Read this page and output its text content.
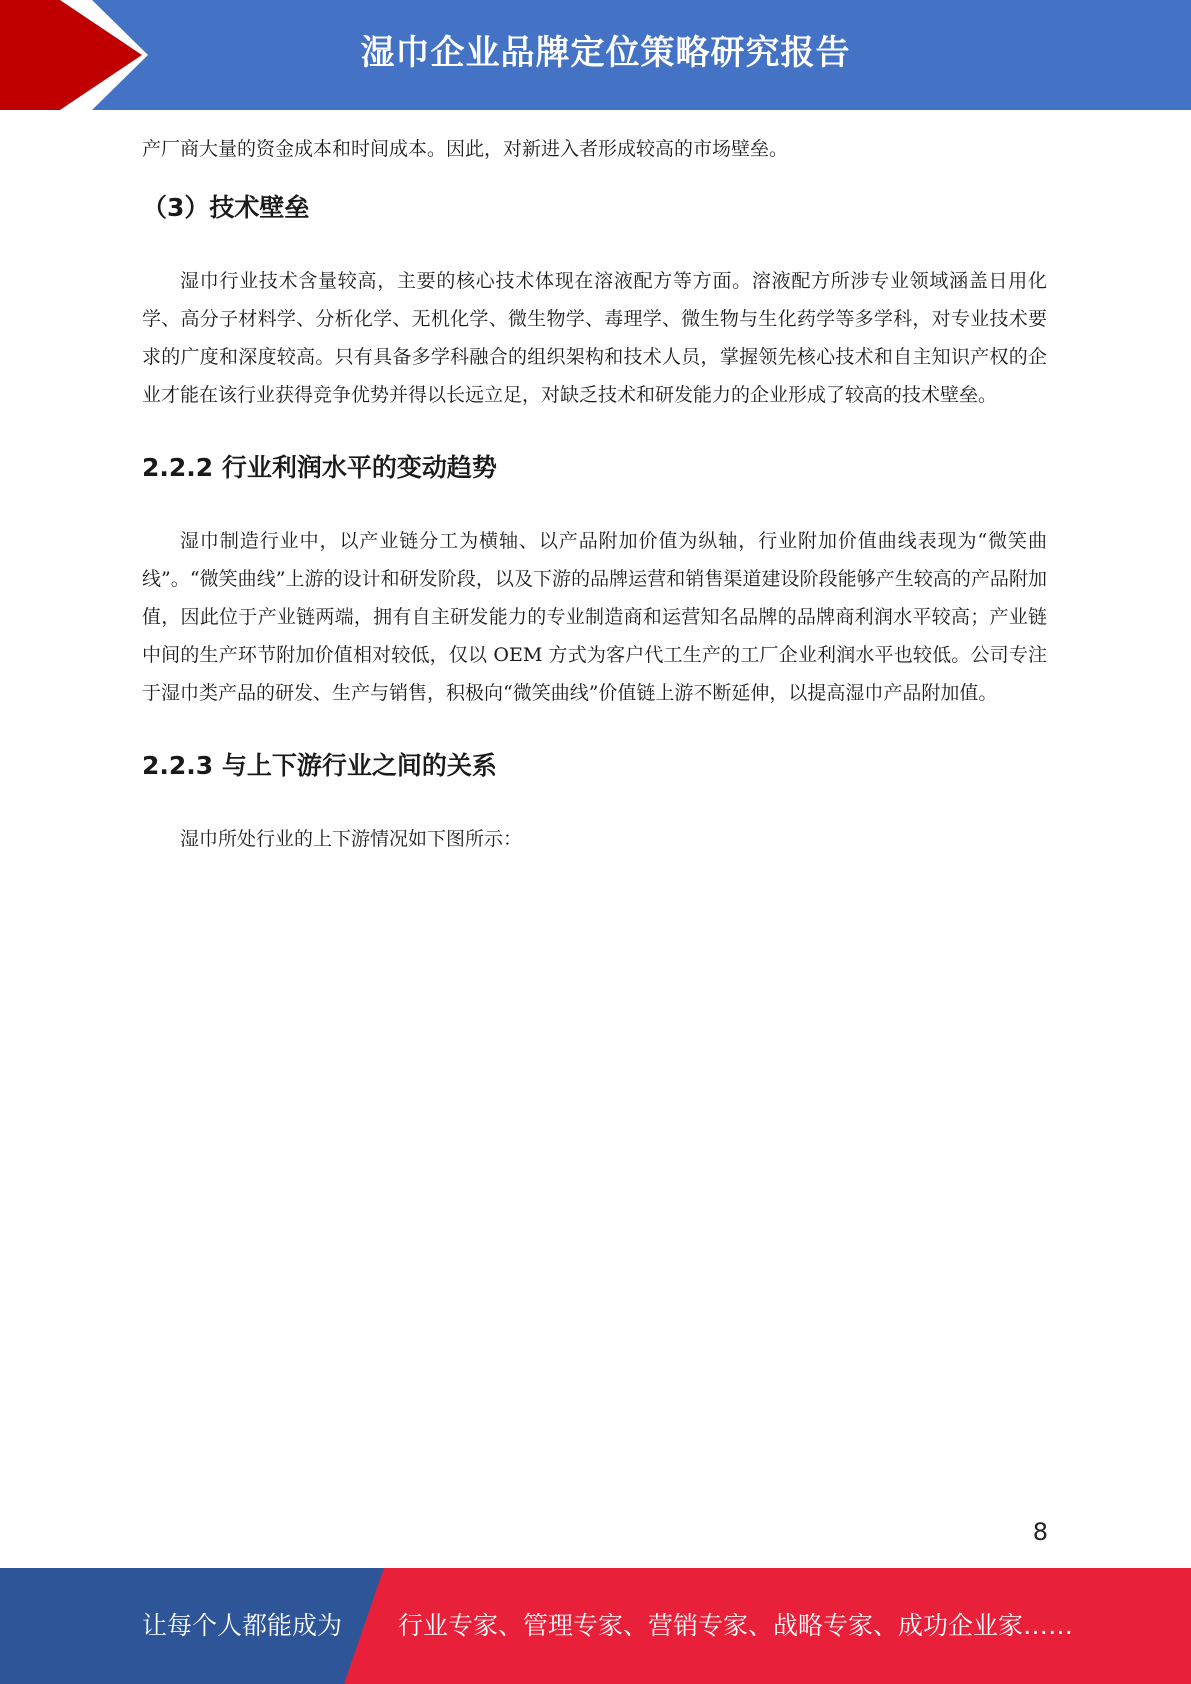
湿巾企业品牌定位策略研究报告

产厂商大量的资金成本和时间成本。因此，对新进入者形成较高的市场壁垒。

（3）技术壁垒

湿巾行业技术含量较高，主要的核心技术体现在溶液配方等方面。溶液配方所涉专业领域涵盖日用化学、高分子材料学、分析化学、无机化学、微生物学、毒理学、微生物与生化药学等多学科，对专业技术要求的广度和深度较高。只有具备多学科融合的组织架构和技术人员，掌握领先核心技术和自主知识产权的企业才能在该行业获得竞争优势并得以长远立足，对缺乏技术和研发能力的企业形成了较高的技术壁垒。

2.2.2 行业利润水平的变动趋势

湿巾制造行业中，以产业链分工为横轴、以产品附加价值为纵轴，行业附加价值曲线表现为“微笑曲线”。“微笑曲线”上游的设计和研发阶段，以及下游的品牌运营和销售渠道建设阶段能够产生较高的产品附加值，因此位于产业链两端，拥有自主研发能力的专业制造商和运营知名品牌的品牌商利润水平较高；产业链中间的生产环节附加价值相对较低，仅以 OEM 方式为客户代工生产的工厂企业利润水平也较低。公司专注于湿巾类产品的研发、生产与销售，积极向“微笑曲线”价值链上游不断延伸，以提高湿巾产品附加值。

2.2.3 与上下游行业之间的关系

湿巾所处行业的上下游情况如下图所示：

8
让每个人都能成为 行业专家、管理专家、营销专家、战略专家、成功企业家……
